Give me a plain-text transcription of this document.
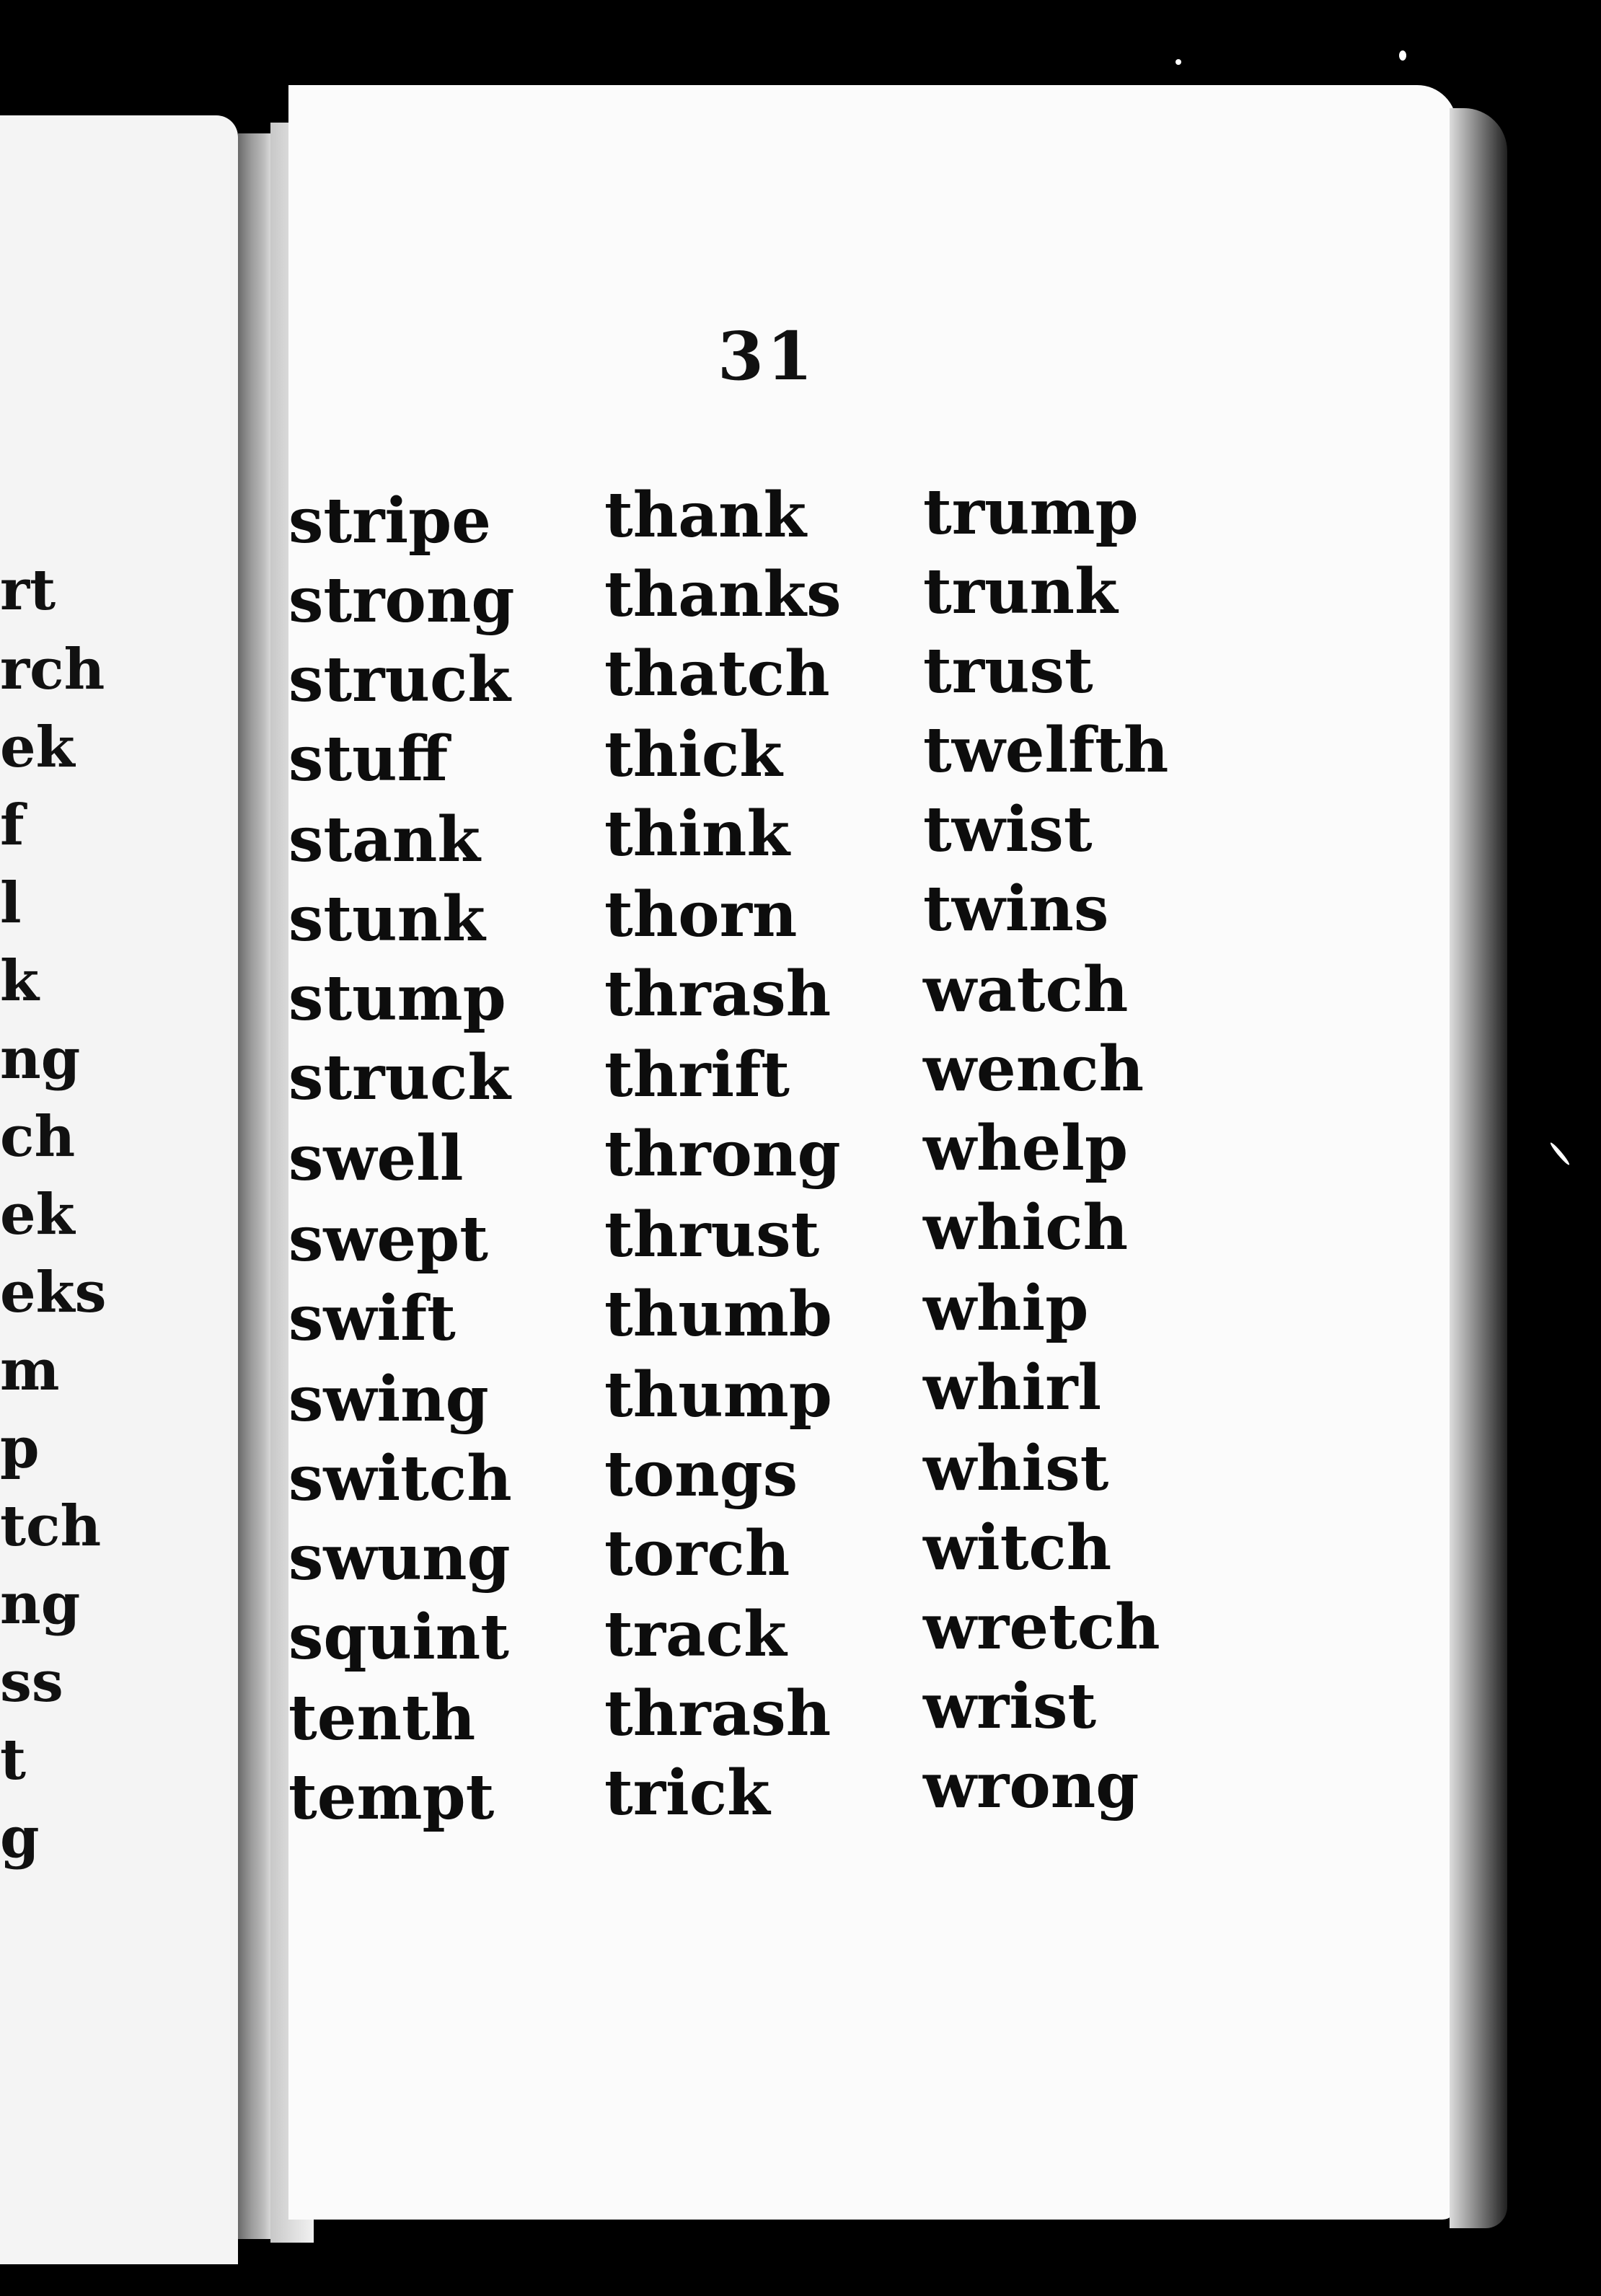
rt
rch
ek
f
l
k
ng
ch
ek
eks
m
p
tch
ng
ss
t
g
31
stripe
strong
struck
stuff
stank
stunk
stump
struck
swell
swept
swift
swing
switch
swung
squint
tenth
tempt
thank
thanks
thatch
thick
think
thorn
thrash
thrift
throng
thrust
thumb
thump
tongs
torch
track
thrash
trick
trump
trunk
trust
twelfth
twist
twins
watch
wench
whelp
which
whip
whirl
whist
witch
wretch
wrist
wrong
